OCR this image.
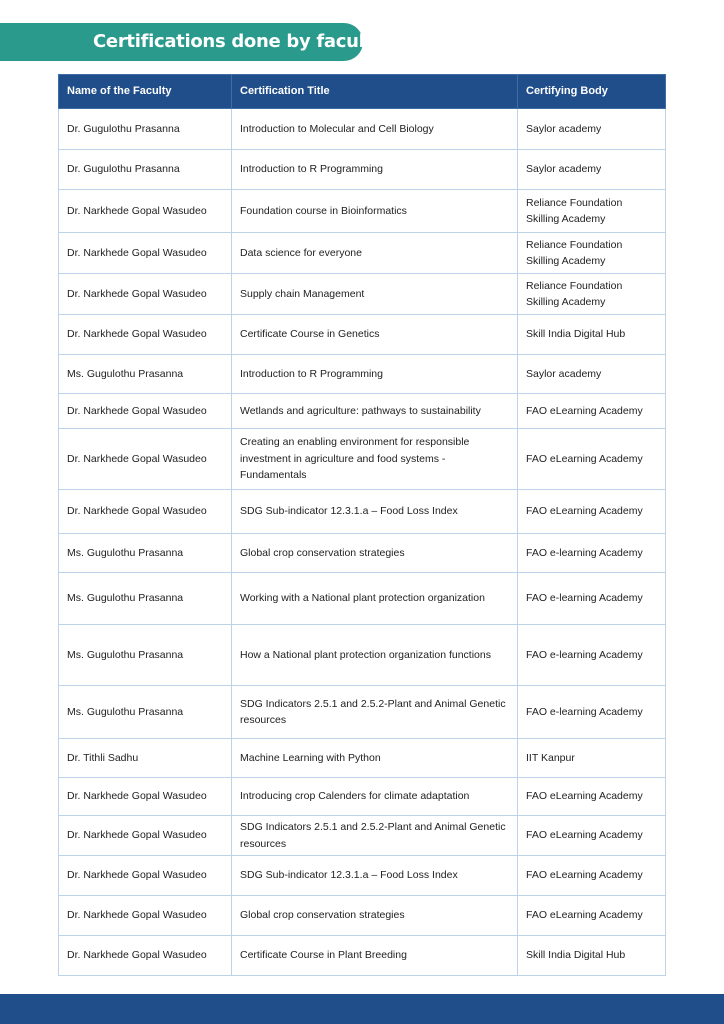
Certifications done by faculty
Name of the Faculty	Certification Title	Certifying Body
Dr. Gugulothu Prasanna	Introduction to Molecular and Cell Biology	Saylor academy
Dr. Gugulothu Prasanna	Introduction to R Programming	Saylor academy
Dr. Narkhede Gopal Wasudeo	Foundation course in Bioinformatics	Reliance Foundation Skilling Academy
Dr. Narkhede Gopal Wasudeo	Data science for everyone	Reliance Foundation Skilling Academy
Dr. Narkhede Gopal Wasudeo	Supply chain Management	Reliance Foundation Skilling Academy
Dr. Narkhede Gopal Wasudeo	Certificate Course in Genetics	Skill India Digital Hub
Ms. Gugulothu Prasanna	Introduction to R Programming	Saylor academy
Dr. Narkhede Gopal Wasudeo	Wetlands and agriculture: pathways to sustainability	FAO eLearning Academy
Dr. Narkhede Gopal Wasudeo	Creating an enabling environment for responsible investment in agriculture and food systems - Fundamentals	FAO eLearning Academy
Dr. Narkhede Gopal Wasudeo	SDG Sub-indicator 12.3.1.a – Food Loss Index	FAO eLearning Academy
Ms. Gugulothu Prasanna	Global crop conservation strategies	FAO e-learning Academy
Ms. Gugulothu Prasanna	Working with a National plant protection organization	FAO e-learning Academy
Ms. Gugulothu Prasanna	How a National plant protection organization functions	FAO e-learning Academy
Ms. Gugulothu Prasanna	SDG Indicators 2.5.1 and 2.5.2-Plant and Animal Genetic resources	FAO e-learning Academy
Dr. Tithli Sadhu	Machine Learning with Python	IIT Kanpur
Dr. Narkhede Gopal Wasudeo	Introducing crop Calenders for climate adaptation	FAO eLearning Academy
Dr. Narkhede Gopal Wasudeo	SDG Indicators 2.5.1 and 2.5.2-Plant and Animal Genetic resources	FAO eLearning Academy
Dr. Narkhede Gopal Wasudeo	SDG Sub-indicator 12.3.1.a – Food Loss Index	FAO eLearning Academy
Dr. Narkhede Gopal Wasudeo	Global crop conservation strategies	FAO eLearning Academy
Dr. Narkhede Gopal Wasudeo	Certificate Course in Plant Breeding	Skill India Digital Hub
